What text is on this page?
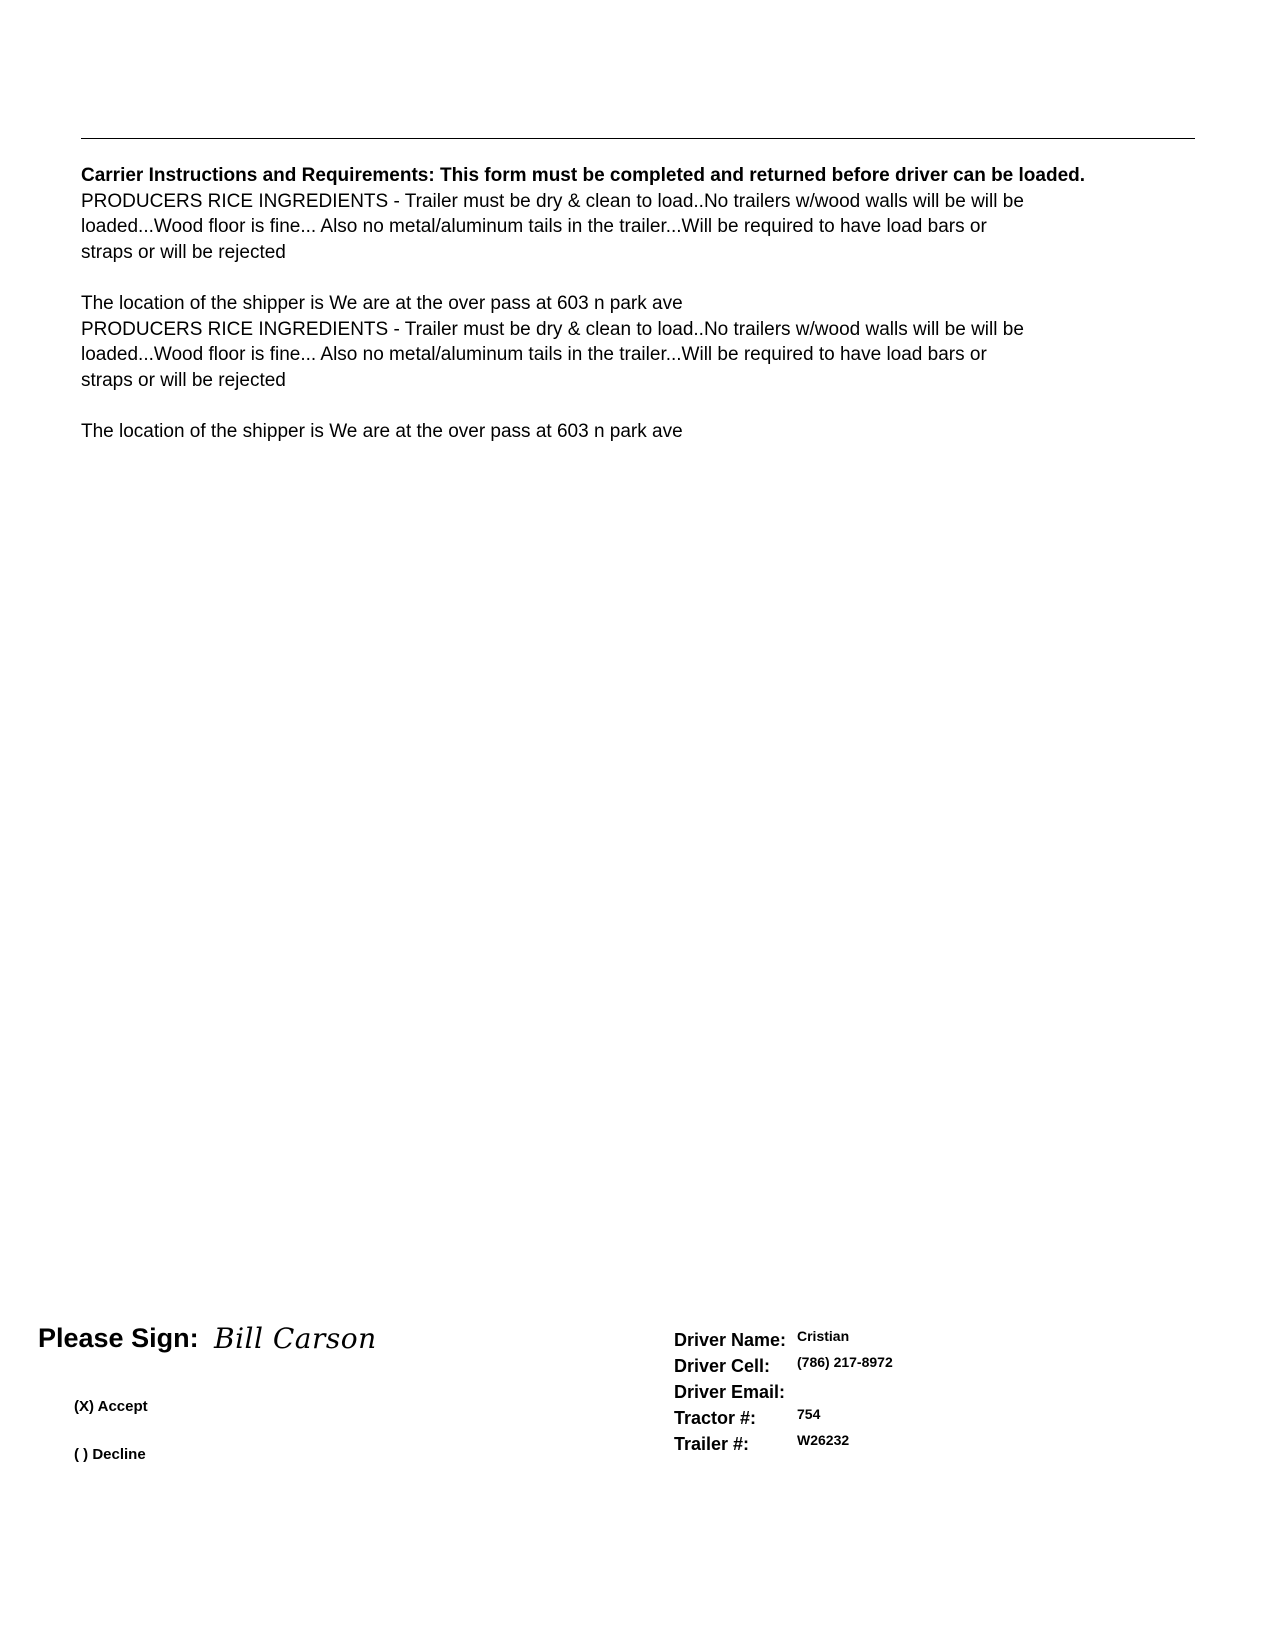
Carrier Instructions and Requirements: This form must be completed and returned before driver can be loaded.
PRODUCERS RICE INGREDIENTS - Trailer must be dry & clean to load..No trailers w/wood walls will be will be
loaded...Wood floor is fine... Also no metal/aluminum tails in the trailer...Will be required to have load bars or
straps or will be rejected
The location of the shipper is We are at the over pass at 603 n park ave
PRODUCERS RICE INGREDIENTS - Trailer must be dry & clean to load..No trailers w/wood walls will be will be
loaded...Wood floor is fine... Also no metal/aluminum tails in the trailer...Will be required to have load bars or
straps or will be rejected
The location of the shipper is We are at the over pass at 603 n park ave
Please Sign: Bill Carson
(X) Accept
( ) Decline
Driver Name: Cristian
Driver Cell: (786) 217-8972
Driver Email:
Tractor #:	754
Trailer #:	W26232
